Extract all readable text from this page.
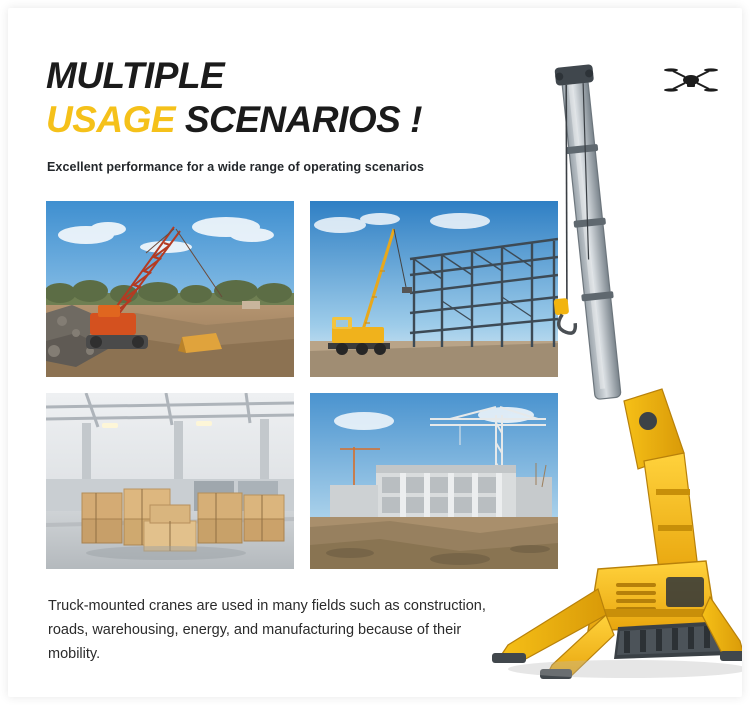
MULTIPLE
USAGE SCENARIOS !
Excellent performance for a wide range of operating scenarios
Truck-mounted cranes are used in many fields such as construction, roads, warehousing, energy, and manufacturing because of their mobility.
